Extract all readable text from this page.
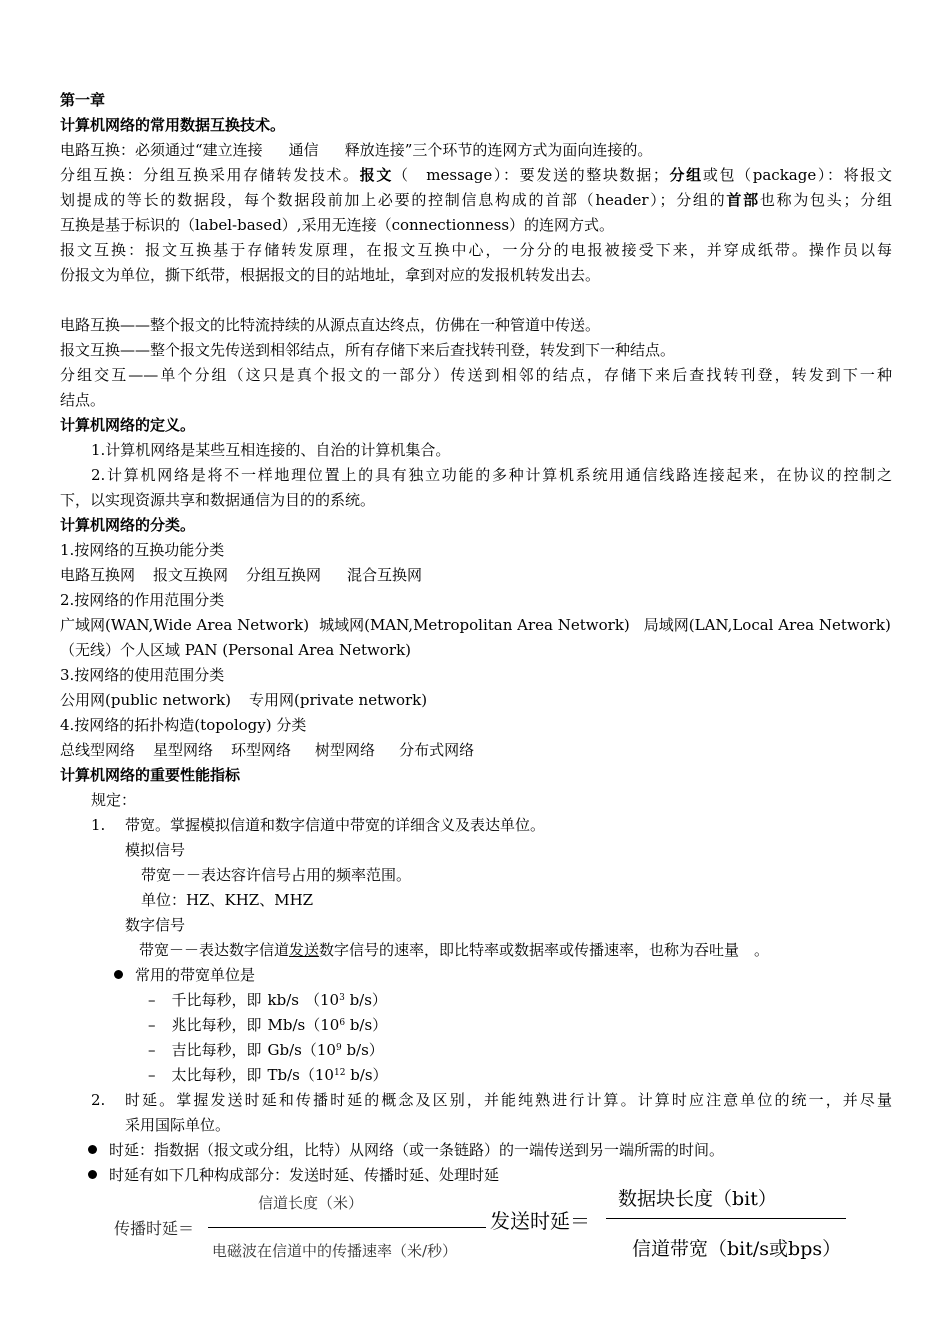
第一章
计算机网络的常用数据互换技术。
电路互换：必须通过“建立连接 通信 释放连接”三个环节的连网方式为面向连接的。
分组互换：分组互换采用存储转发技术。报文（　message）：要发送的整块数据；分组或包（package）：将报文
划提成的等长的数据段，每个数据段前加上必要的控制信息构成的首部（header）；分组的首部也称为包头；分组
互换是基于标识的（label-based）,采用无连接（connectionness）的连网方式。
报文互换：报文互换基于存储转发原理，在报文互换中心，一分分的电报被接受下来，并穿成纸带。操作员以每
份报文为单位，撕下纸带，根据报文的目的站地址，拿到对应的发报机转发出去。
电路互换——整个报文的比特流持续的从源点直达终点，仿佛在一种管道中传送。
报文互换——整个报文先传送到相邻结点，所有存储下来后查找转刊登，转发到下一种结点。
分组交互——单个分组（这只是真个报文的一部分）传送到相邻的结点，存储下来后查找转刊登，转发到下一种
结点。
计算机网络的定义。
1.计算机网络是某些互相连接的、自治的计算机集合。
2.计算机网络是将不一样地理位置上的具有独立功能的多种计算机系统用通信线路连接起来，在协议的控制之
下，以实现资源共享和数据通信为目的的系统。
计算机网络的分类。
1.按网络的互换功能分类
电路互换网 报文互换网 分组互换网 混合互换网
2.按网络的作用范围分类
广域网(WAN,Wide Area Network) 城域网(MAN,Metropolitan Area Network) 局域网(LAN,Local Area Network)
（无线）个人区域 PAN (Personal Area Network)
3.按网络的使用范围分类
公用网(public network) 专用网(private network)
4.按网络的拓扑构造(topology) 分类
总线型网络 星型网络 环型网络 树型网络 分布式网络
计算机网络的重要性能指标
规定：
1. 带宽。掌握模拟信道和数字信道中带宽的详细含义及表达单位。
模拟信号
带宽－－表达容许信号占用的频率范围。
单位：HZ、KHZ、MHZ
数字信号
带宽－－表达数字信道发送数字信号的速率，即比特率或数据率或传播速率，也称为吞吐量　。
常用的带宽单位是
– 千比每秒，即 kb/s （$10^3$ b/s）
– 兆比每秒，即 $Mb/s(10^6$ b/s）
– 吉比每秒，即 $Gb/s(10^9$ b/s）
– 太比每秒，即 $Tb/s(10^{12}$ b/s）
2. 时延。掌握发送时延和传播时延的概念及区别，并能纯熟进行计算。计算时应注意单位的统一，并尽量
采用国际单位。
时延：指数据（报文或分组，比特）从网络（或一条链路）的一端传送到另一端所需的时间。
时延有如下几种构成部分：发送时延、传播时延、处理时延
传播时延＝
信道长度（米）
电磁波在信道中的传播速率（米/秒）
发送时延＝
数据块长度（bit）
信道带宽（bit/s或bps）
